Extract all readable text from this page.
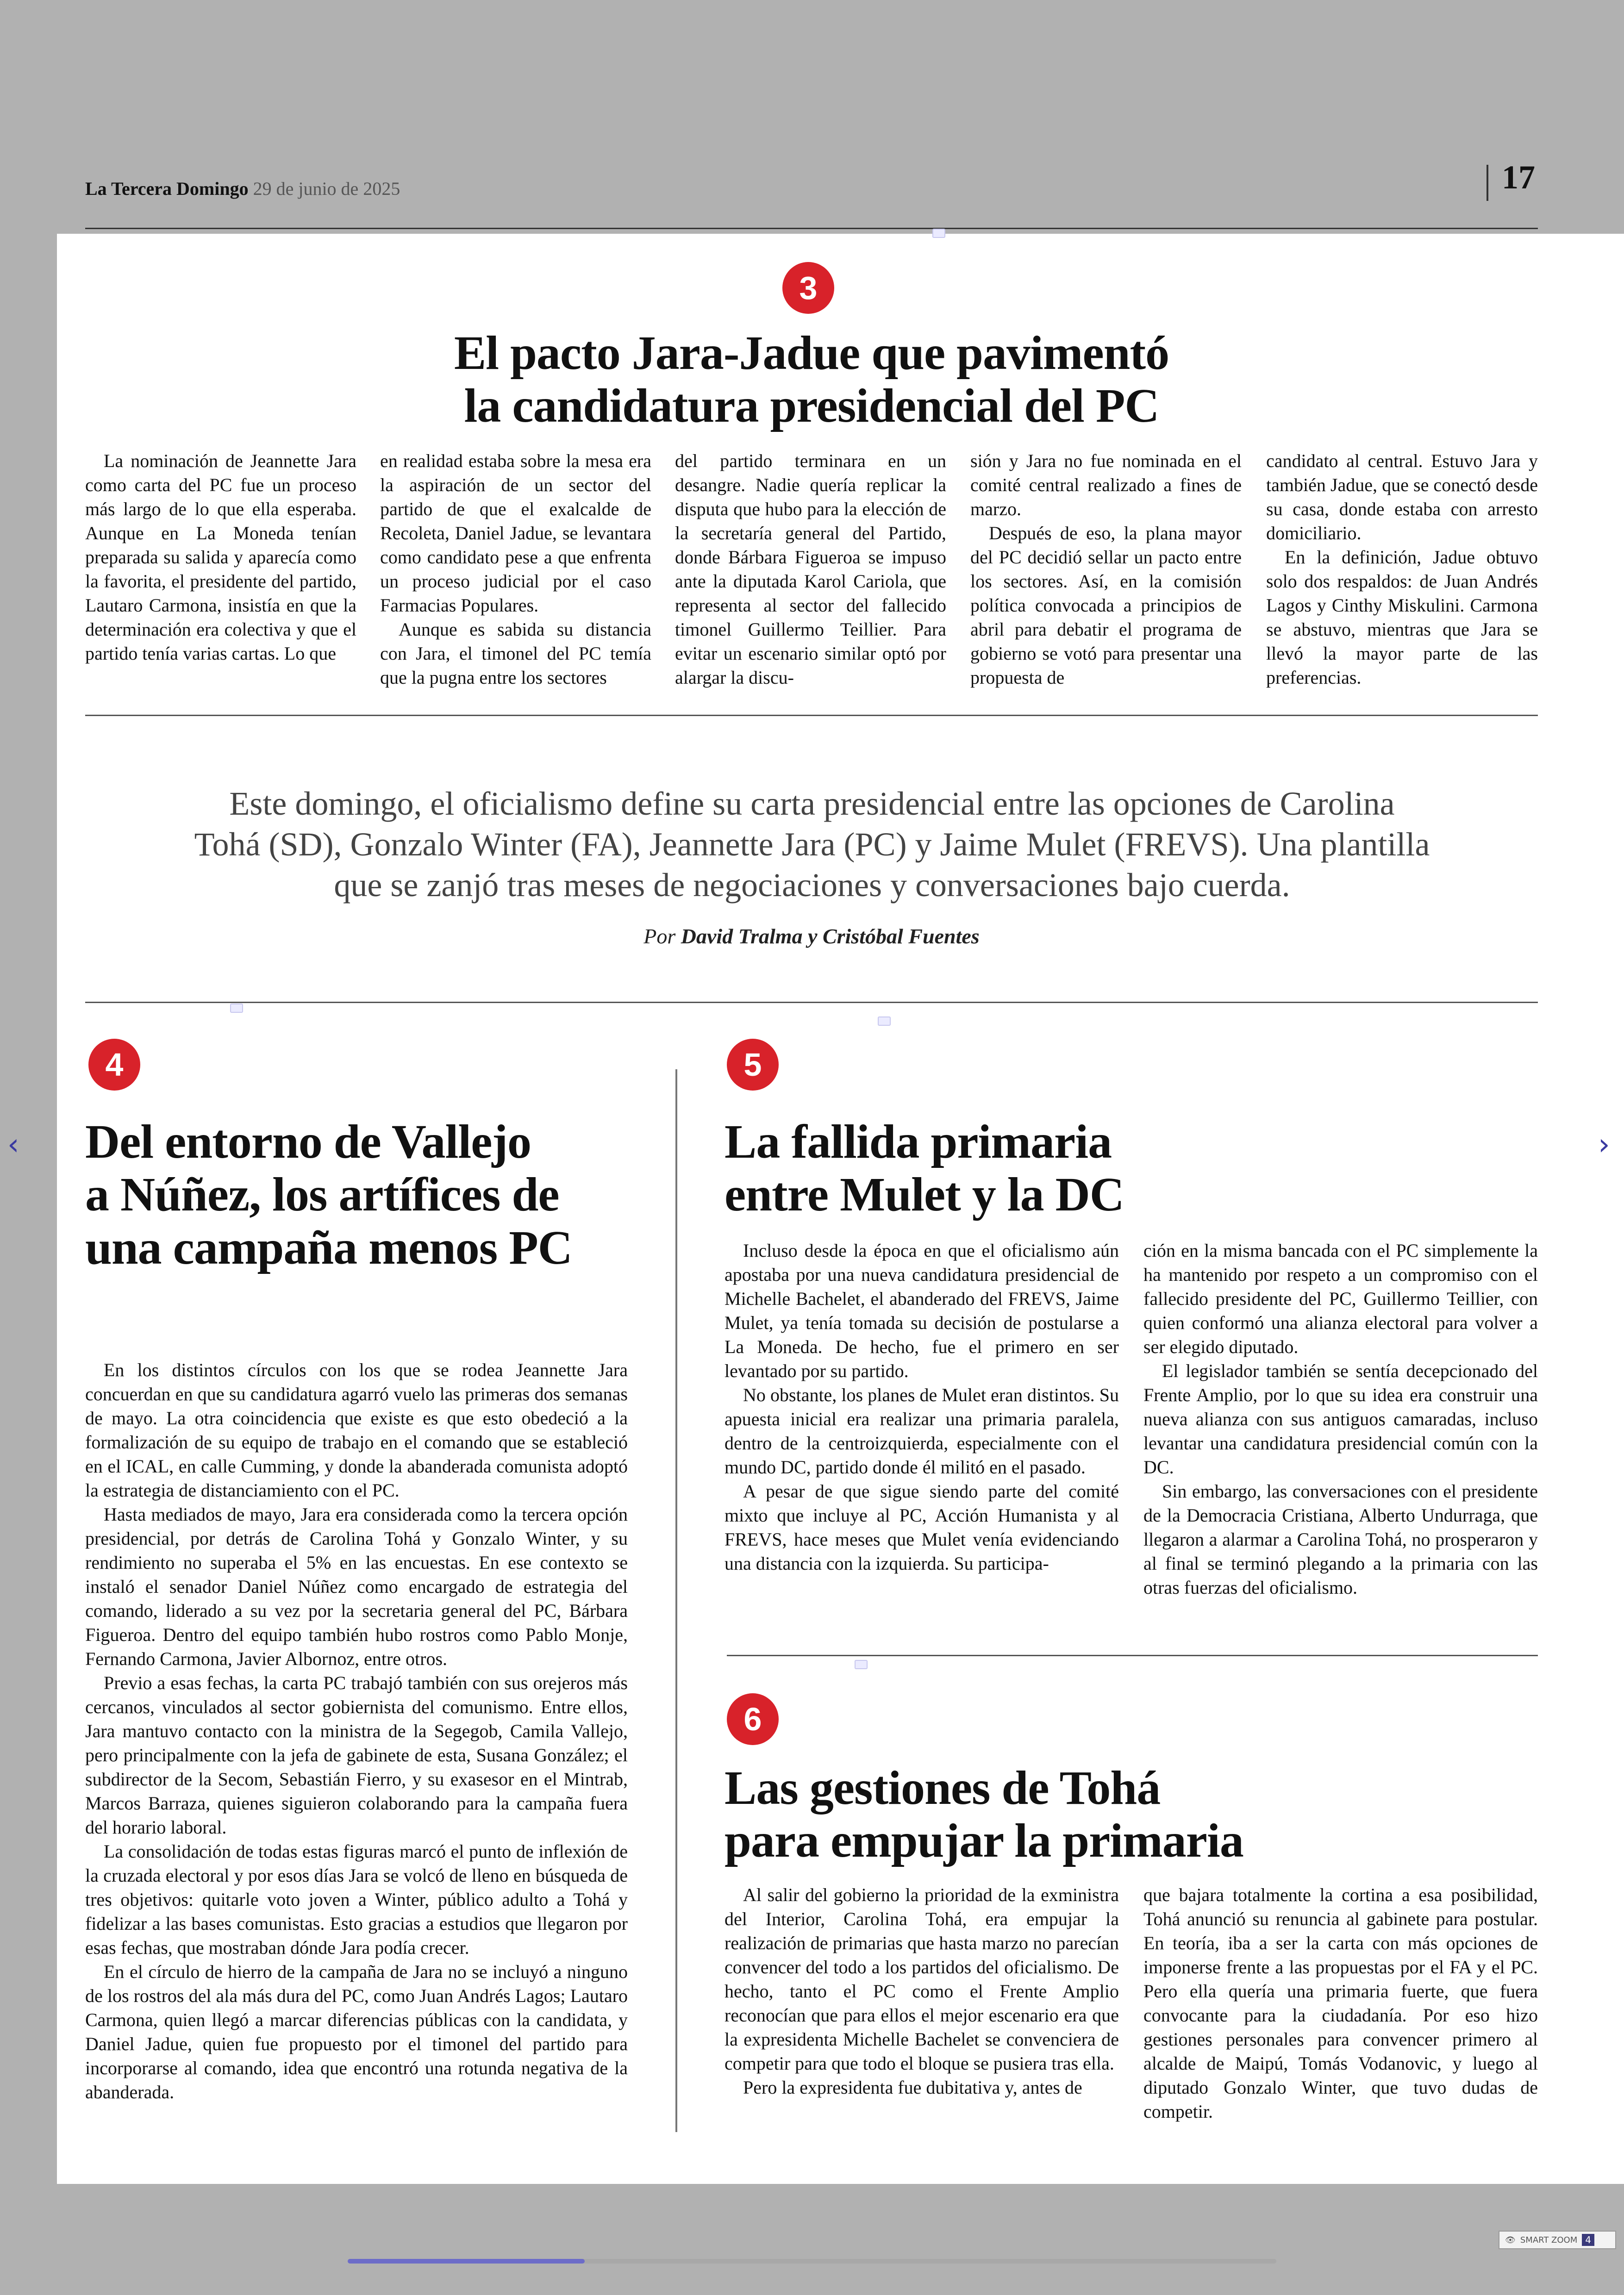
La Tercera Domingo 29 de junio de 2025	17
3
El pacto Jara-Jadue que pavimentó
la candidatura presidencial del PC

La nominación de Jeannette Jara como carta del PC fue un proceso más largo de lo que ella esperaba. Aunque en La Moneda tenían preparada su salida y aparecía como la favorita, el presidente del partido, Lautaro Carmona, insistía en que la determinación era colectiva y que el partido tenía varias cartas. Lo que

en realidad estaba sobre la mesa era la aspiración de un sector del partido de que el exalcalde de Recoleta, Daniel Jadue, se levantara como candidato pese a que enfrenta un proceso judicial por el caso Farmacias Populares.

Aunque es sabida su distancia con Jara, el timonel del PC temía que la pugna entre los sectores

del partido terminara en un desangre. Nadie quería replicar la disputa que hubo para la elección de la secretaría general del Partido, donde Bárbara Figueroa se impuso ante la diputada Karol Cariola, que representa al sector del fallecido timonel Guillermo Teillier. Para evitar un escenario similar optó por alargar la discu-

sión y Jara no fue nominada en el comité central realizado a fines de marzo.

Después de eso, la plana mayor del PC decidió sellar un pacto entre los sectores. Así, en la comisión política convocada a principios de abril para debatir el programa de gobierno se votó para presentar una propuesta de

candidato al central. Estuvo Jara y también Jadue, que se conectó desde su casa, donde estaba con arresto domiciliario.

En la definición, Jadue obtuvo solo dos respaldos: de Juan Andrés Lagos y Cinthy Miskulini. Carmona se abstuvo, mientras que Jara se llevó la mayor parte de las preferencias.

Este domingo, el oficialismo define su carta presidencial entre las opciones de Carolina
Tohá (SD), Gonzalo Winter (FA), Jeannette Jara (PC) y Jaime Mulet (FREVS). Una plantilla
que se zanjó tras meses de negociaciones y conversaciones bajo cuerda.
Por David Tralma y Cristóbal Fuentes
4
Del entorno de Vallejo
a Núñez, los artífices de
una campaña menos PC

En los distintos círculos con los que se rodea Jeannette Jara concuerdan en que su candidatura agarró vuelo las primeras dos semanas de mayo. La otra coincidencia que existe es que esto obedeció a la formalización de su equipo de trabajo en el comando que se estableció en el ICAL, en calle Cumming, y donde la abanderada comunista adoptó la estrategia de distanciamiento con el PC.

Hasta mediados de mayo, Jara era considerada como la tercera opción presidencial, por detrás de Carolina Tohá y Gonzalo Winter, y su rendimiento no superaba el 5% en las encuestas. En ese contexto se instaló el senador Daniel Núñez como encargado de estrategia del comando, liderado a su vez por la secretaria general del PC, Bárbara Figueroa. Dentro del equipo también hubo rostros como Pablo Monje, Fernando Carmona, Javier Albornoz, entre otros.

Previo a esas fechas, la carta PC trabajó también con sus orejeros más cercanos, vinculados al sector gobiernista del comunismo. Entre ellos, Jara mantuvo contacto con la ministra de la Segegob, Camila Vallejo, pero principalmente con la jefa de gabinete de esta, Susana González; el subdirector de la Secom, Sebastián Fierro, y su exasesor en el Mintrab, Marcos Barraza, quienes siguieron colaborando para la campaña fuera del horario laboral.

La consolidación de todas estas figuras marcó el punto de inflexión de la cruzada electoral y por esos días Jara se volcó de lleno en búsqueda de tres objetivos: quitarle voto joven a Winter, público adulto a Tohá y fidelizar a las bases comunistas. Esto gracias a estudios que llegaron por esas fechas, que mostraban dónde Jara podía crecer.

En el círculo de hierro de la campaña de Jara no se incluyó a ninguno de los rostros del ala más dura del PC, como Juan Andrés Lagos; Lautaro Carmona, quien llegó a marcar diferencias públicas con la candidata, y Daniel Jadue, quien fue propuesto por el timonel del partido para incorporarse al comando, idea que encontró una rotunda negativa de la abanderada.

5
La fallida primaria
entre Mulet y la DC

Incluso desde la época en que el oficialismo aún apostaba por una nueva candidatura presidencial de Michelle Bachelet, el abanderado del FREVS, Jaime Mulet, ya tenía tomada su decisión de postularse a La Moneda. De hecho, fue el primero en ser levantado por su partido.

No obstante, los planes de Mulet eran distintos. Su apuesta inicial era realizar una primaria paralela, dentro de la centroizquierda, especialmente con el mundo DC, partido donde él militó en el pasado.

A pesar de que sigue siendo parte del comité mixto que incluye al PC, Acción Humanista y al FREVS, hace meses que Mulet venía evidenciando una distancia con la izquierda. Su participa-

ción en la misma bancada con el PC simplemente la ha mantenido por respeto a un compromiso con el fallecido presidente del PC, Guillermo Teillier, con quien conformó una alianza electoral para volver a ser elegido diputado.

El legislador también se sentía decepcionado del Frente Amplio, por lo que su idea era construir una nueva alianza con sus antiguos camaradas, incluso levantar una candidatura presidencial común con la DC.

Sin embargo, las conversaciones con el presidente de la Democracia Cristiana, Alberto Undurraga, que llegaron a alarmar a Carolina Tohá, no prosperaron y al final se terminó plegando a la primaria con las otras fuerzas del oficialismo.

6
Las gestiones de Tohá
para empujar la primaria

Al salir del gobierno la prioridad de la exministra del Interior, Carolina Tohá, era empujar la realización de primarias que hasta marzo no parecían convencer del todo a los partidos del oficialismo. De hecho, tanto el PC como el Frente Amplio reconocían que para ellos el mejor escenario era que la expresidenta Michelle Bachelet se convenciera de competir para que todo el bloque se pusiera tras ella.

Pero la expresidenta fue dubitativa y, antes de

que bajara totalmente la cortina a esa posibilidad, Tohá anunció su renuncia al gabinete para postular. En teoría, iba a ser la carta con más opciones de imponerse frente a las propuestas por el FA y el PC. Pero ella quería una primaria fuerte, que fuera convocante para la ciudadanía. Por eso hizo gestiones personales para convencer primero al alcalde de Maipú, Tomás Vodanovic, y luego al diputado Gonzalo Winter, que tuvo dudas de competir.

‹	›
👁 SMART ZOOM 4
